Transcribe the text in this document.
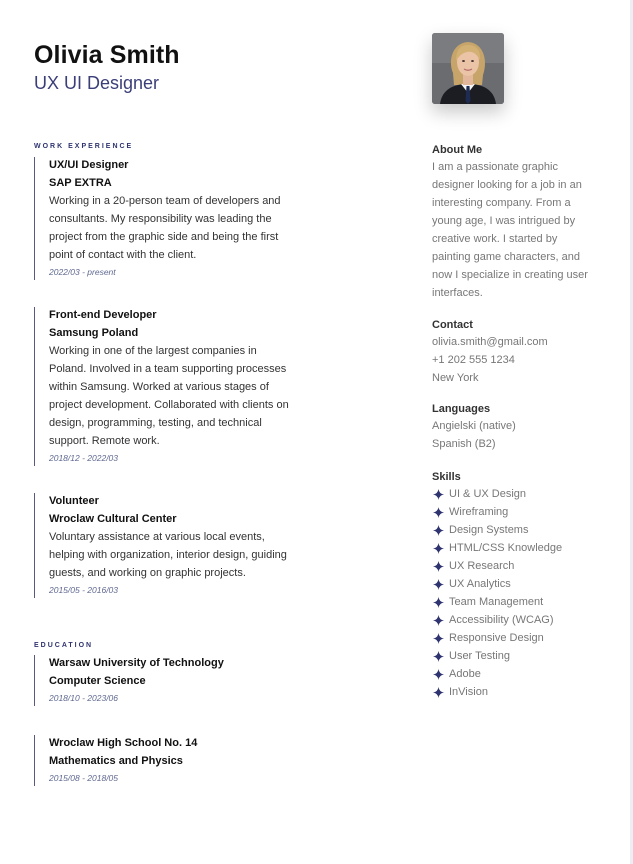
Olivia Smith
UX UI Designer
WORK EXPERIENCE
UX/UI Designer
SAP EXTRA
Working in a 20-person team of developers and consultants. My responsibility was leading the project from the graphic side and being the first point of contact with the client.
2022/03 - present
Front-end Developer
Samsung Poland
Working in one of the largest companies in Poland. Involved in a team supporting processes within Samsung. Worked at various stages of project development. Collaborated with clients on design, programming, testing, and technical support. Remote work.
2018/12 - 2022/03
Volunteer
Wroclaw Cultural Center
Voluntary assistance at various local events, helping with organization, interior design, guiding guests, and working on graphic projects.
2015/05 - 2016/03
EDUCATION
Warsaw University of Technology
Computer Science
2018/10 - 2023/06
Wroclaw High School No. 14
Mathematics and Physics
2015/08 - 2018/05
About Me
I am a passionate graphic designer looking for a job in an interesting company. From a young age, I was intrigued by creative work. I started by painting game characters, and now I specialize in creating user interfaces.
Contact
olivia.smith@gmail.com
+1 202 555 1234
New York
Languages
Angielski (native)
Spanish (B2)
Skills
UI & UX Design
Wireframing
Design Systems
HTML/CSS Knowledge
UX Research
UX Analytics
Team Management
Accessibility (WCAG)
Responsive Design
User Testing
Adobe
InVision
